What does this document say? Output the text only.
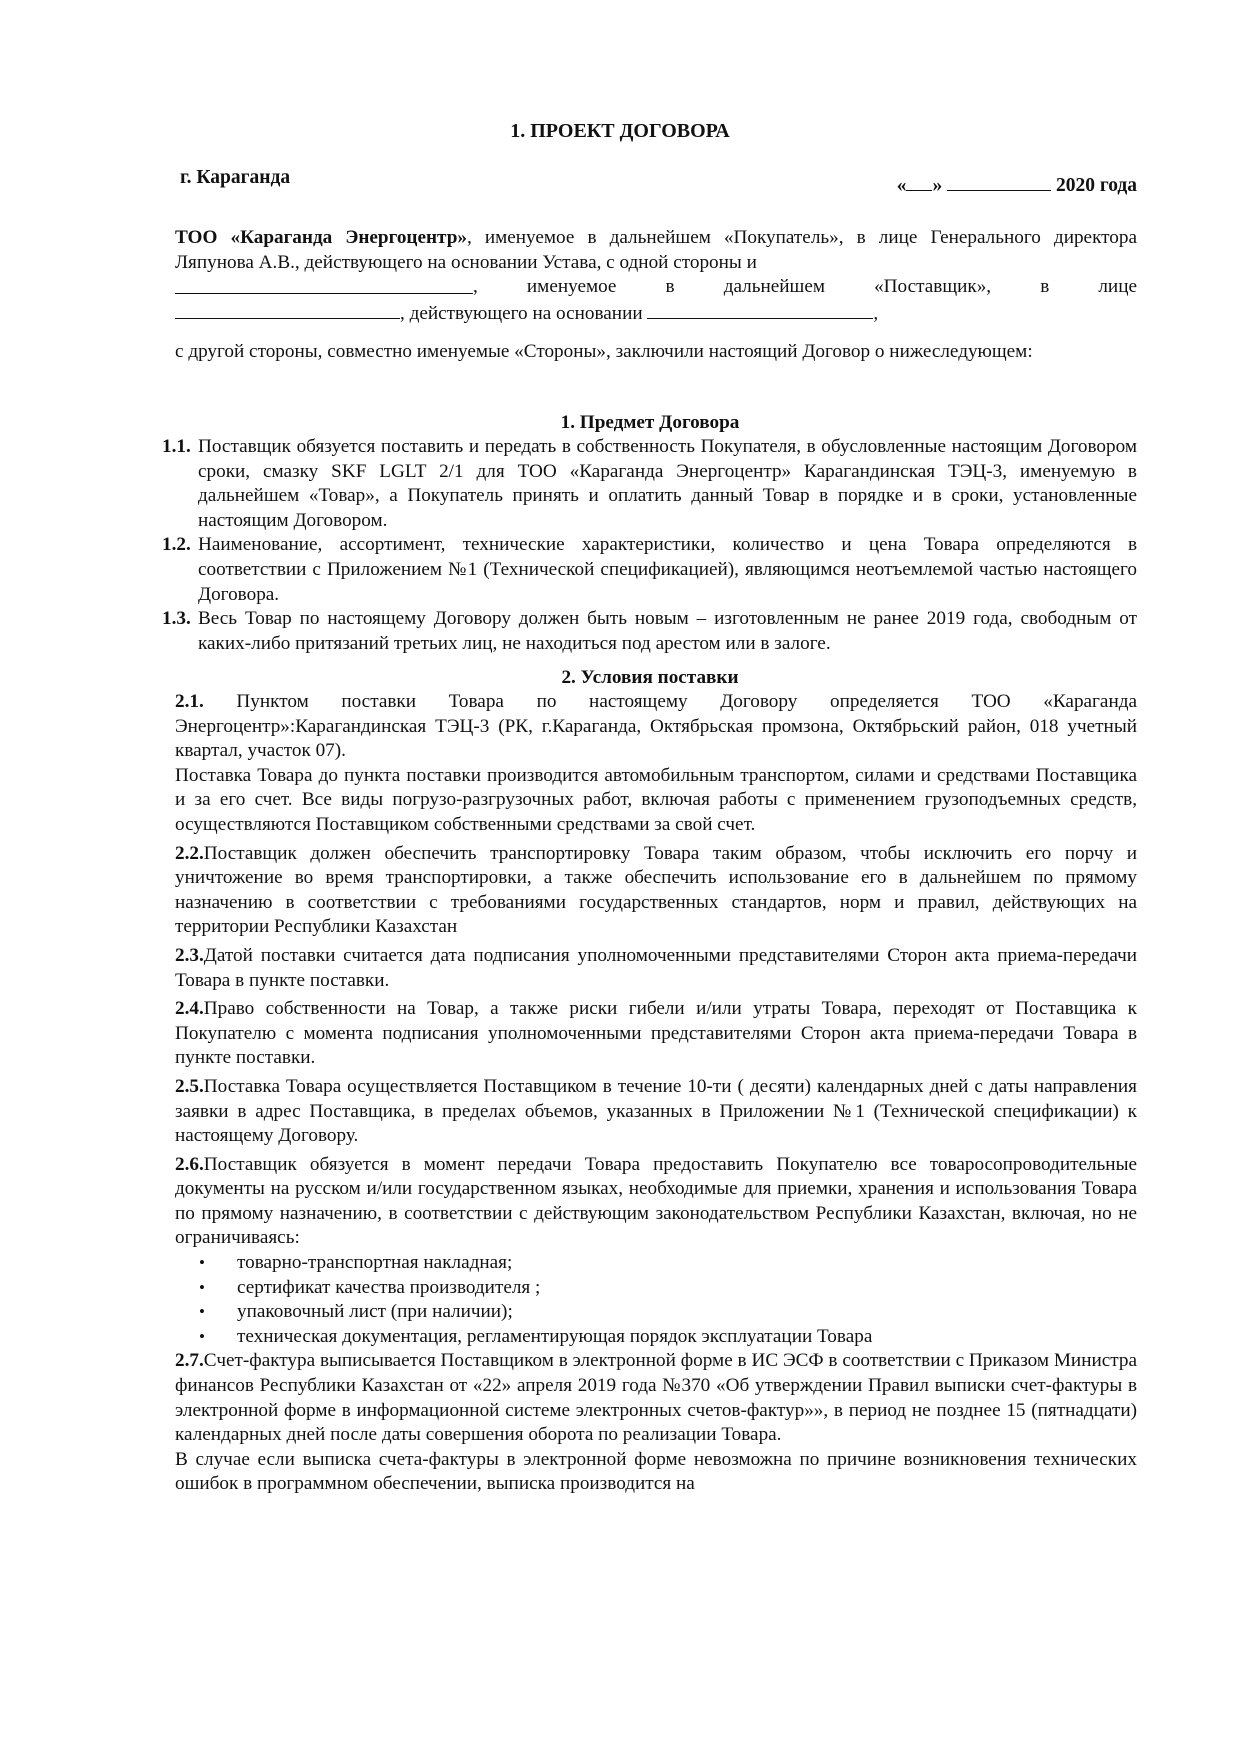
1. ПРОЕКТ ДОГОВОРА
г. Караганда	« »	2020 года

ТОО «Караганда Энергоцентр», именуемое в дальнейшем «Покупатель», в лице Генерального директора Ляпунова А.В., действующего на основании Устава, с одной стороны и

, именуемое в дальнейшем «Поставщик», в лице

, действующего на основании	,

с другой стороны, совместно именуемые «Стороны», заключили настоящий Договор о нижеследующем:
1. Предмет Договора
1.1. Поставщик обязуется поставить и передать в собственность Покупателя, в обусловленные настоящим Договором сроки, смазку SKF LGLT 2/1 для ТОО «Караганда Энергоцентр» Карагандинская ТЭЦ-3, именуемую в дальнейшем «Товар», а Покупатель принять и оплатить данный Товар в порядке и в сроки, установленные настоящим Договором.
1.2. Наименование, ассортимент, технические характеристики, количество и цена Товара определяются в соответствии с Приложением №1 (Технической спецификацией), являющимся неотъемлемой частью настоящего Договора.
1.3. Весь Товар по настоящему Договору должен быть новым – изготовленным не ранее 2019 года, свободным от каких-либо притязаний третьих лиц, не находиться под арестом или в залоге.
2. Условия поставки

2.1. Пунктом поставки Товара по настоящему Договору определяется ТОО «Караганда Энергоцентр»:Карагандинская ТЭЦ-3 (РК, г.Караганда, Октябрьская промзона, Октябрьский район, 018 учетный квартал, участок 07).

Поставка Товара до пункта поставки производится автомобильным транспортом, силами и средствами Поставщика и за его счет. Все виды погрузо-разгрузочных работ, включая работы с применением грузоподъемных средств, осуществляются Поставщиком собственными средствами за свой счет.

2.2.Поставщик должен обеспечить транспортировку Товара таким образом, чтобы исключить его порчу и уничтожение во время транспортировки, а также обеспечить использование его в дальнейшем по прямому назначению в соответствии с требованиями государственных стандартов, норм и правил, действующих на территории Республики Казахстан

2.3.Датой поставки считается дата подписания уполномоченными представителями Сторон акта приема-передачи Товара в пункте поставки.

2.4.Право собственности на Товар, а также риски гибели и/или утраты Товара, переходят от Поставщика к Покупателю с момента подписания уполномоченными представителями Сторон акта приема-передачи Товара в пункте поставки.

2.5.Поставка Товара осуществляется Поставщиком в течение 10-ти ( десяти) календарных дней с даты направления заявки в адрес Поставщика, в пределах объемов, указанных в Приложении №1 (Технической спецификации) к настоящему Договору.

2.6.Поставщик обязуется в момент передачи Товара предоставить Покупателю все товаросопроводительные документы на русском и/или государственном языках, необходимые для приемки, хранения и использования Товара по прямому назначению, в соответствии с действующим законодательством Республики Казахстан, включая, но не ограничиваясь:

•	товарно-транспортная накладная;
•	сертификат качества производителя ;
•	упаковочный лист (при наличии);
•	техническая документация, регламентирующая порядок эксплуатации Товара

2.7.Счет-фактура выписывается Поставщиком в электронной форме в ИС ЭСФ в соответствии с Приказом Министра финансов Республики Казахстан от «22» апреля 2019 года №370 «Об утверждении Правил выписки счет-фактуры в электронной форме в информационной системе электронных счетов-фактур»», в период не позднее 15 (пятнадцати) календарных дней после даты совершения оборота по реализации Товара.

В случае если выписка счета-фактуры в электронной форме невозможна по причине возникновения технических ошибок в программном обеспечении, выписка производится на
